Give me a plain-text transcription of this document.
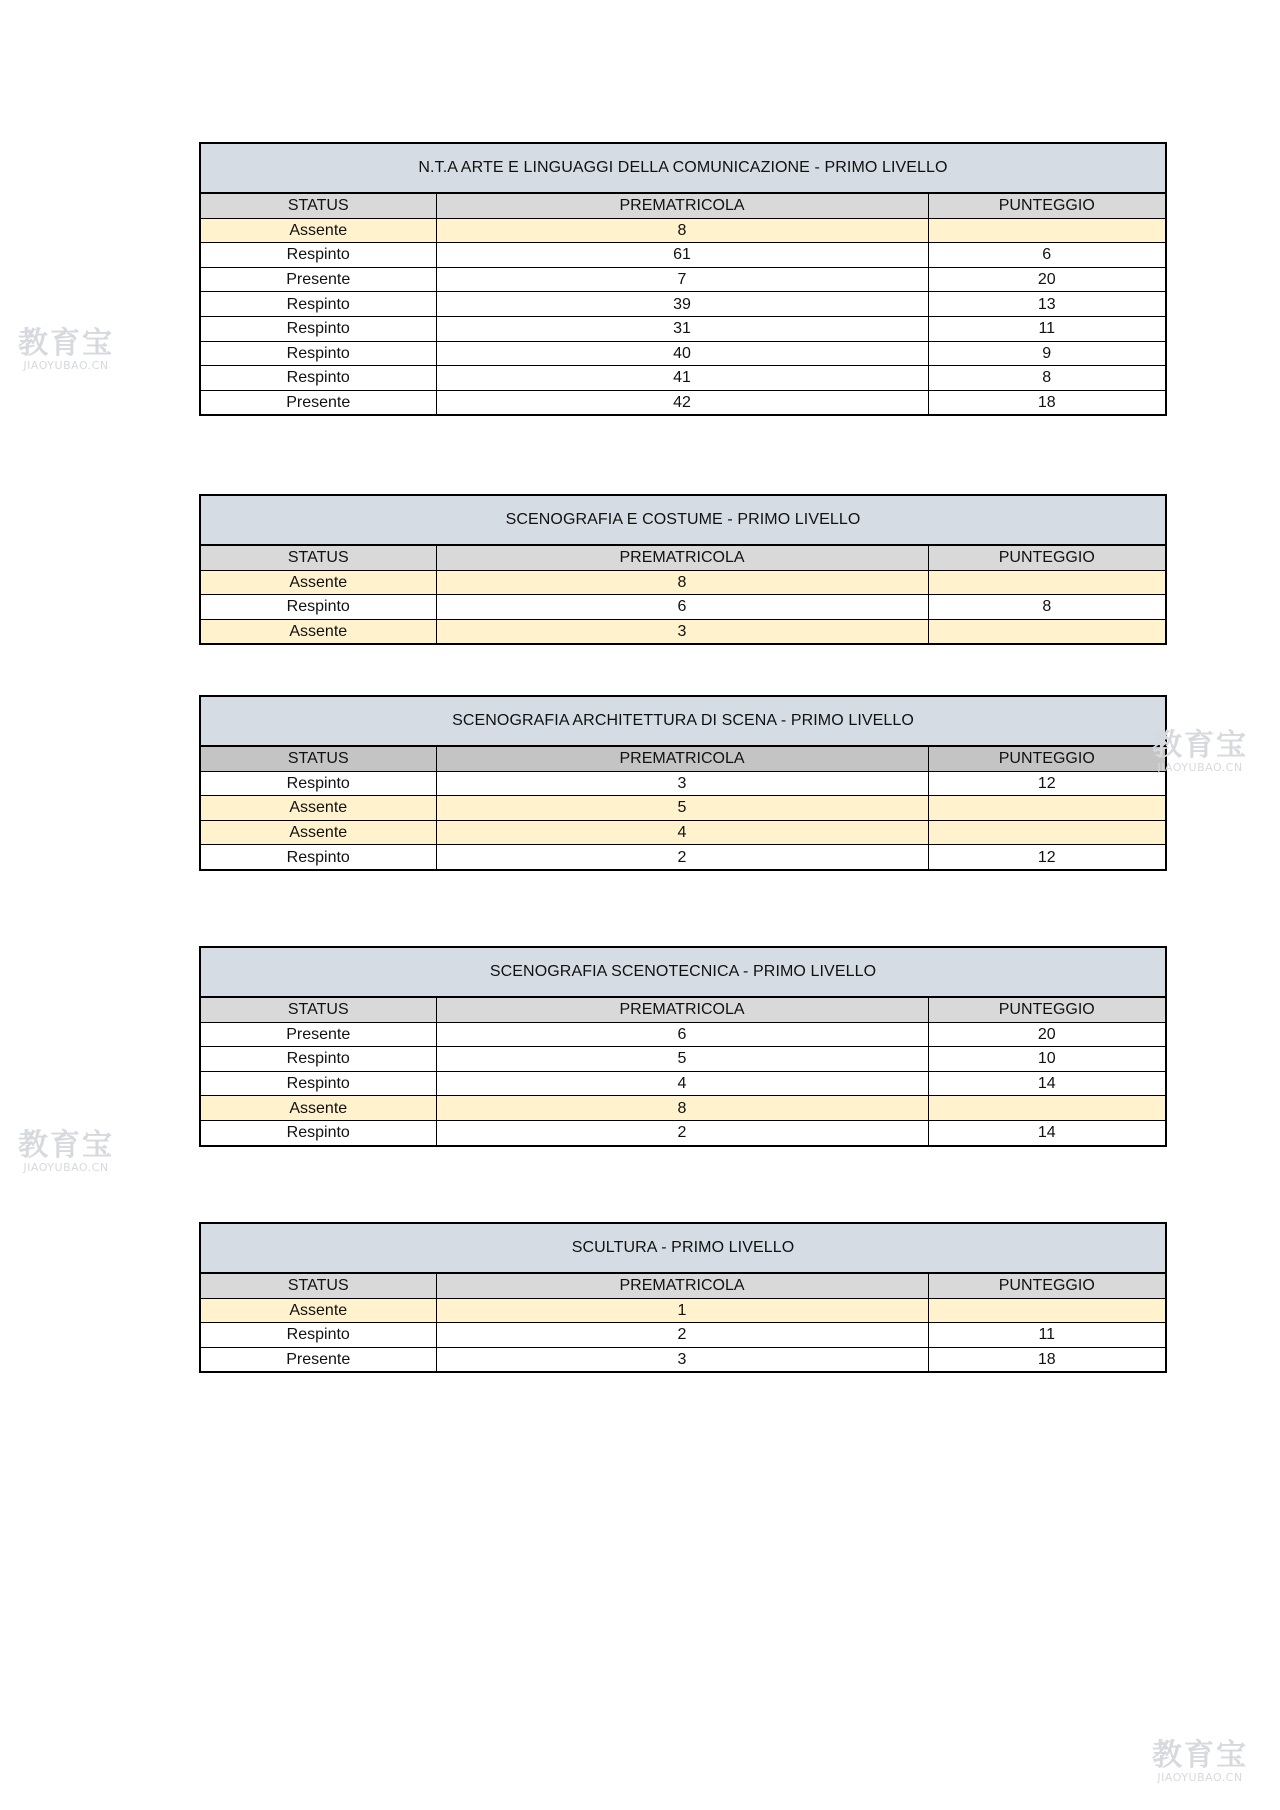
N.T.A ARTE E LINGUAGGI DELLA COMUNICAZIONE - PRIMO LIVELLO		
STATUS	PREMATRICOLA	PUNTEGGIO
Assente	8	
Respinto	61	6
Presente	7	20
Respinto	39	13
Respinto	31	11
Respinto	40	9
Respinto	41	8
Presente	42	18
SCENOGRAFIA E COSTUME - PRIMO LIVELLO		
STATUS	PREMATRICOLA	PUNTEGGIO
Assente	8	
Respinto	6	8
Assente	3	
SCENOGRAFIA ARCHITETTURA DI SCENA - PRIMO LIVELLO		
STATUS	PREMATRICOLA	PUNTEGGIO
Respinto	3	12
Assente	5	
Assente	4	
Respinto	2	12
SCENOGRAFIA SCENOTECNICA - PRIMO LIVELLO		
STATUS	PREMATRICOLA	PUNTEGGIO
Presente	6	20
Respinto	5	10
Respinto	4	14
Assente	8	
Respinto	2	14
SCULTURA - PRIMO LIVELLO		
STATUS	PREMATRICOLA	PUNTEGGIO
Assente	1	
Respinto	2	11
Presente	3	18
教育宝
JIAOYUBAO.CN
教育宝
JIAOYUBAO.CN
教育宝
JIAOYUBAO.CN
教育宝
JIAOYUBAO.CN
